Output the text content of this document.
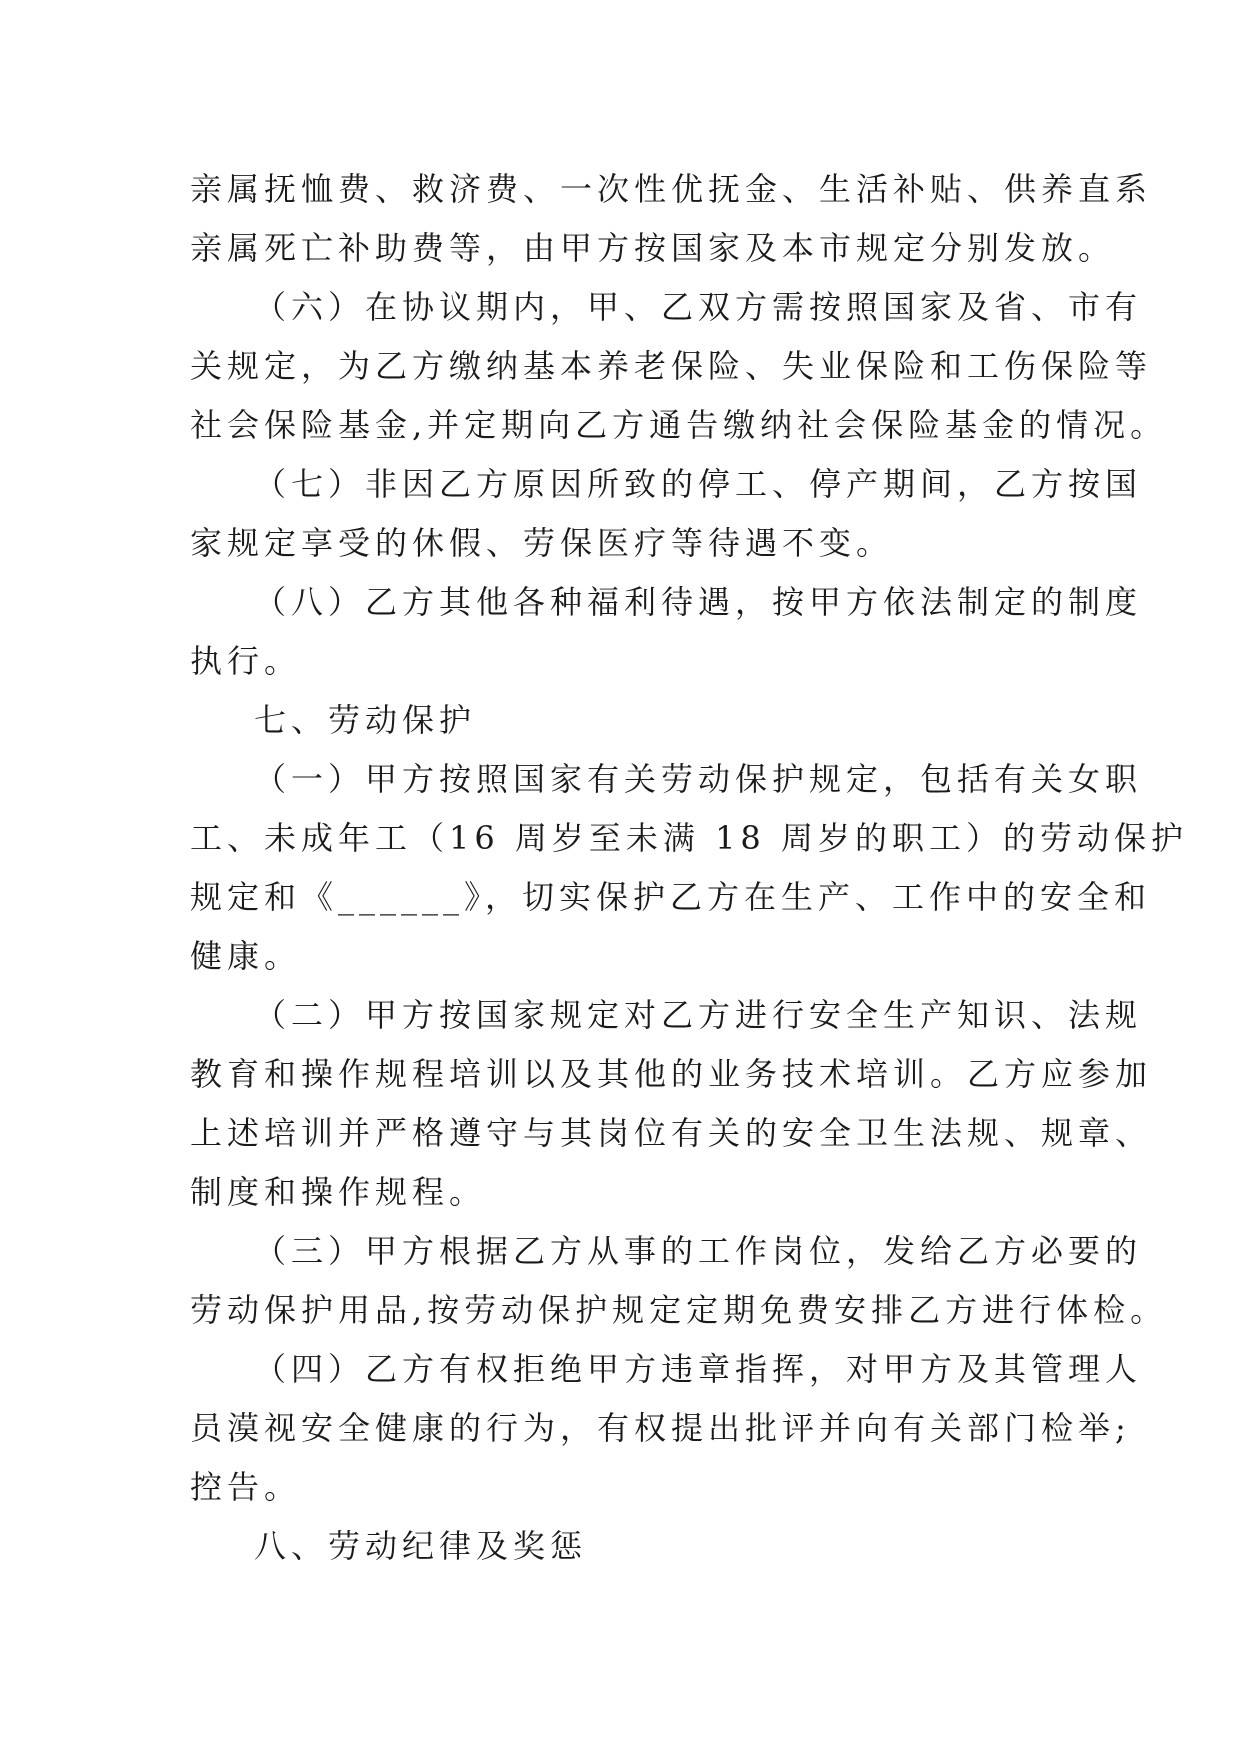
亲属抚恤费、救济费、一次性优抚金、生活补贴、供养直系
亲属死亡补助费等，由甲方按国家及本市规定分别发放。

（六）在协议期内，甲、乙双方需按照国家及省、市有
关规定，为乙方缴纳基本养老保险、失业保险和工伤保险等
社会保险基金,并定期向乙方通告缴纳社会保险基金的情况。

（七）非因乙方原因所致的停工、停产期间，乙方按国
家规定享受的休假、劳保医疗等待遇不变。

（八）乙方其他各种福利待遇，按甲方依法制定的制度
执行。

七、劳动保护

（一）甲方按照国家有关劳动保护规定，包括有关女职
工、未成年工（16 周岁至未满 18 周岁的职工）的劳动保护
规定和《______》，切实保护乙方在生产、工作中的安全和
健康。

（二）甲方按国家规定对乙方进行安全生产知识、法规
教育和操作规程培训以及其他的业务技术培训。乙方应参加
上述培训并严格遵守与其岗位有关的安全卫生法规、规章、
制度和操作规程。

（三）甲方根据乙方从事的工作岗位，发给乙方必要的
劳动保护用品,按劳动保护规定定期免费安排乙方进行体检。

（四）乙方有权拒绝甲方违章指挥，对甲方及其管理人
员漠视安全健康的行为，有权提出批评并向有关部门检举;
控告。

八、劳动纪律及奖惩
